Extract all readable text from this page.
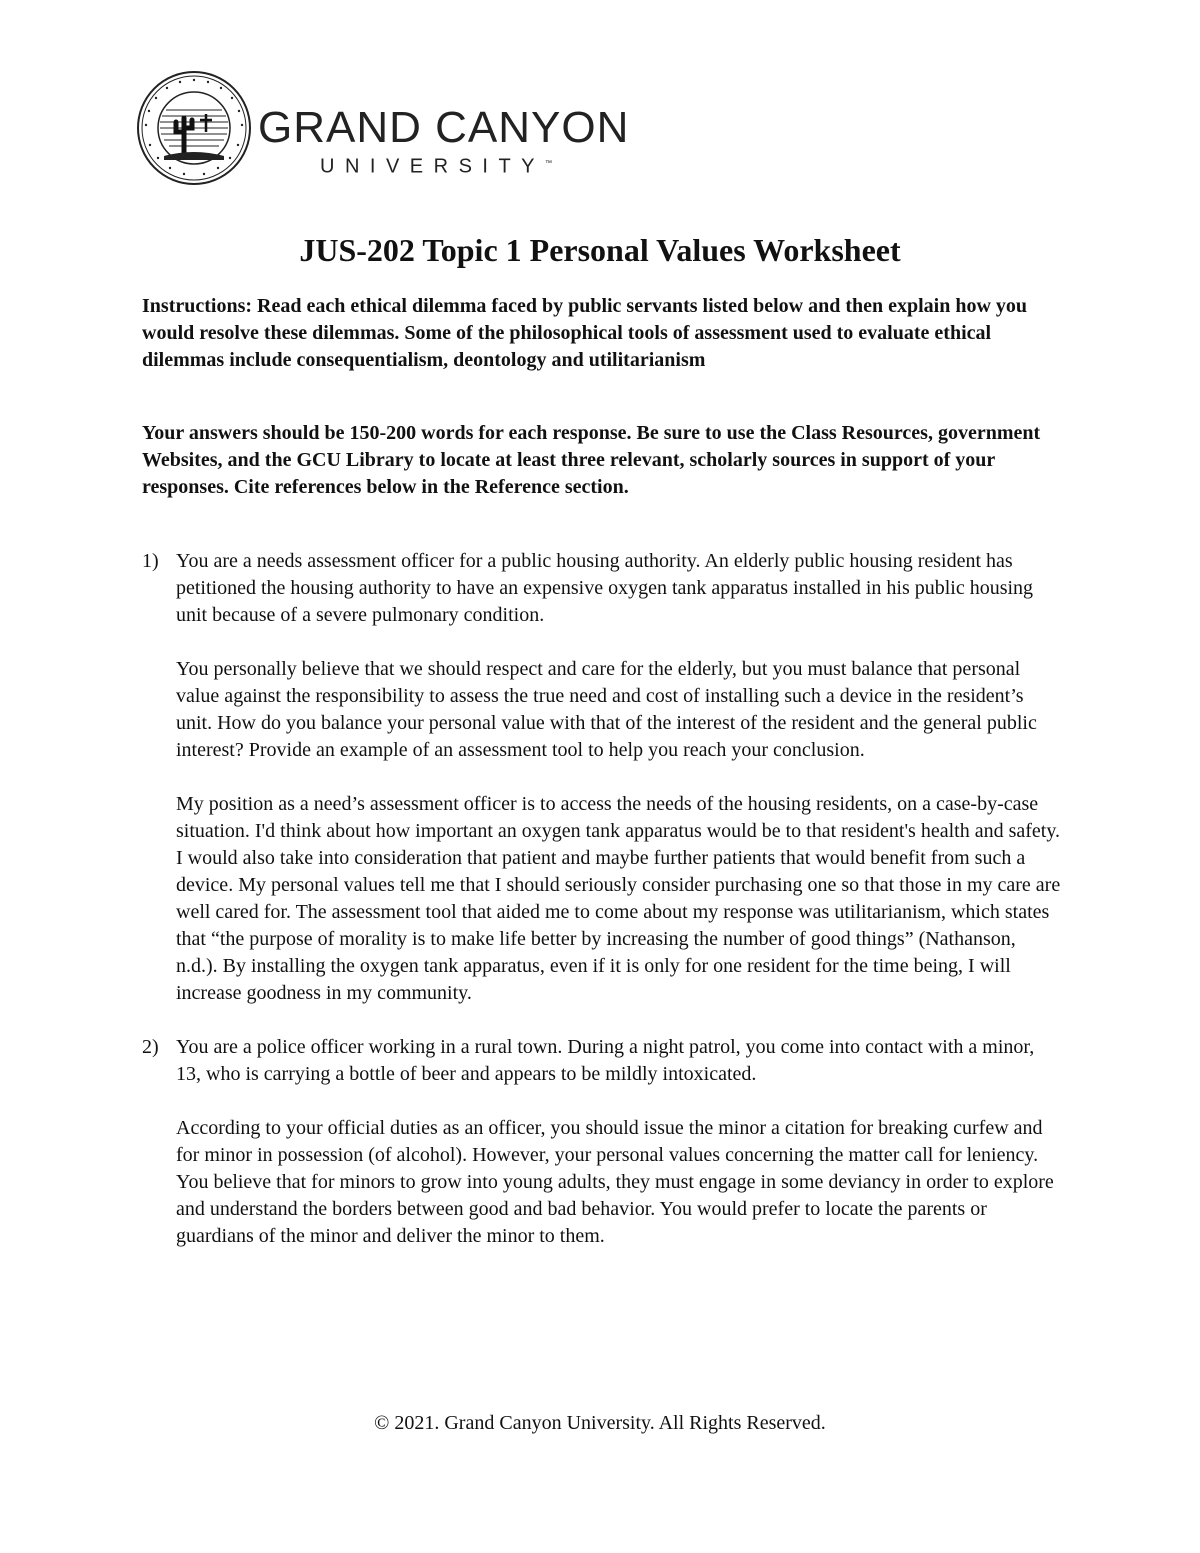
GRAND CANYON
UNIVERSITY™
JUS-202 Topic 1 Personal Values Worksheet

Instructions: Read each ethical dilemma faced by public servants listed below and then explain how you would resolve these dilemmas. Some of the philosophical tools of assessment used to evaluate ethical dilemmas include consequentialism, deontology and utilitarianism

Your answers should be 150-200 words for each response. Be sure to use the Class Resources, government Websites, and the GCU Library to locate at least three relevant, scholarly sources in support of your responses. Cite references below in the Reference section.

1) You are a needs assessment officer for a public housing authority. An elderly public housing resident has petitioned the housing authority to have an expensive oxygen tank apparatus installed in his public housing unit because of a severe pulmonary condition.

You personally believe that we should respect and care for the elderly, but you must balance that personal value against the responsibility to assess the true need and cost of installing such a device in the resident’s unit. How do you balance your personal value with that of the interest of the resident and the general public interest? Provide an example of an assessment tool to help you reach your conclusion.

My position as a need’s assessment officer is to access the needs of the housing residents, on a case-by-case situation. I'd think about how important an oxygen tank apparatus would be to that resident's health and safety. I would also take into consideration that patient and maybe further patients that would benefit from such a device. My personal values tell me that I should seriously consider purchasing one so that those in my care are well cared for. The assessment tool that aided me to come about my response was utilitarianism, which states that “the purpose of morality is to make life better by increasing the number of good things” (Nathanson, n.d.). By installing the oxygen tank apparatus, even if it is only for one resident for the time being, I will increase goodness in my community.

2) You are a police officer working in a rural town. During a night patrol, you come into contact with a minor, 13, who is carrying a bottle of beer and appears to be mildly intoxicated.

According to your official duties as an officer, you should issue the minor a citation for breaking curfew and for minor in possession (of alcohol). However, your personal values concerning the matter call for leniency. You believe that for minors to grow into young adults, they must engage in some deviancy in order to explore and understand the borders between good and bad behavior. You would prefer to locate the parents or guardians of the minor and deliver the minor to them.

© 2021. Grand Canyon University. All Rights Reserved.
